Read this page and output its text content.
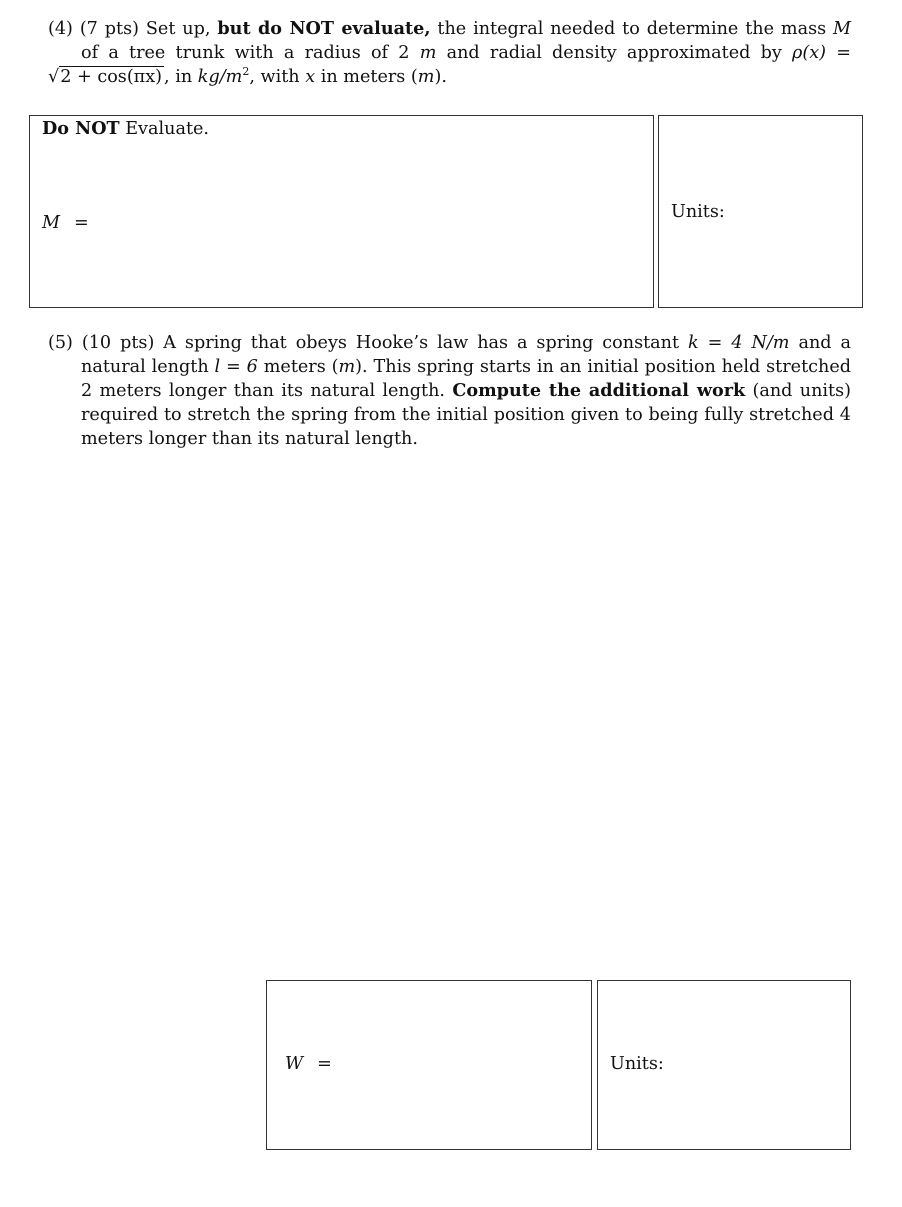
(4) (7 pts) Set up, but do NOT evaluate, the integral needed to determine the mass M of a tree trunk with a radius of 2 m and radial density approximated by ρ(x) = √2 + cos(πx) , in $kg/m^2$, with x in meters (m).
Do NOT Evaluate.
M =
Units:
(5) (10 pts) A spring that obeys Hooke’s law has a spring constant k = 4 N/m and a natural length l = 6 meters (m). This spring starts in an initial position held stretched 2 meters longer than its natural length. Compute the additional work (and units) required to stretch the spring from the initial position given to being fully stretched 4 meters longer than its natural length.
W =	Units:
